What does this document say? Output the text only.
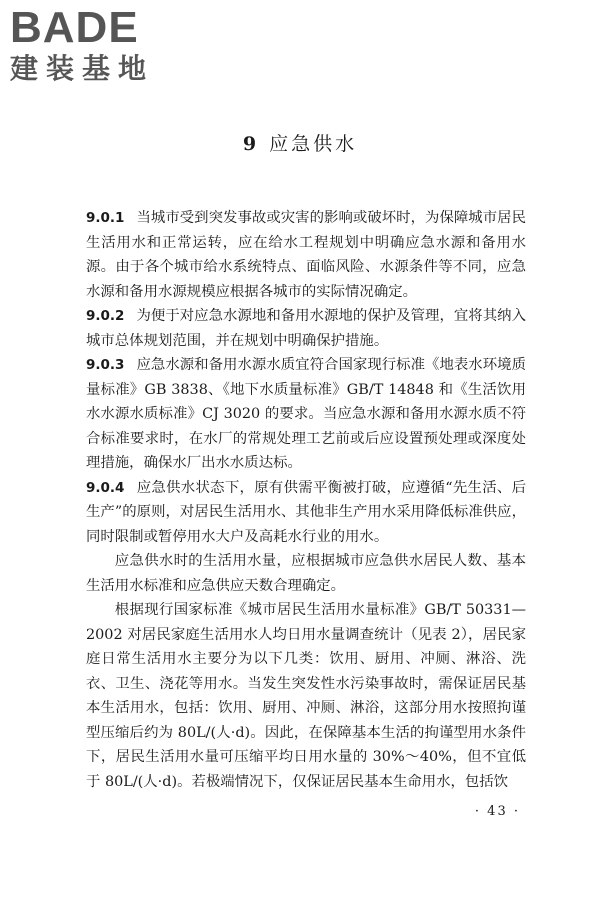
BADE
建装基地
9 应急供水

9.0.1 当城市受到突发事故或灾害的影响或破坏时，为保障城市居民生活用水和正常运转，应在给水工程规划中明确应急水源和备用水源。由于各个城市给水系统特点、面临风险、水源条件等不同，应急水源和备用水源规模应根据各城市的实际情况确定。

9.0.2 为便于对应急水源地和备用水源地的保护及管理，宜将其纳入城市总体规划范围，并在规划中明确保护措施。

9.0.3 应急水源和备用水源水质宜符合国家现行标准《地表水环境质量标准》GB 3838、《地下水质量标准》GB/T 14848 和《生活饮用水水源水质标准》CJ 3020 的要求。当应急水源和备用水源水质不符合标准要求时，在水厂的常规处理工艺前或后应设置预处理或深度处理措施，确保水厂出水水质达标。

9.0.4 应急供水状态下，原有供需平衡被打破，应遵循“先生活、后生产”的原则，对居民生活用水、其他非生产用水采用降低标准供应，同时限制或暂停用水大户及高耗水行业的用水。

应急供水时的生活用水量，应根据城市应急供水居民人数、基本生活用水标准和应急供应天数合理确定。

根据现行国家标准《城市居民生活用水量标准》GB/T 50331—2002 对居民家庭生活用水人均日用水量调查统计（见表 2），居民家庭日常生活用水主要分为以下几类：饮用、厨用、冲厕、淋浴、洗衣、卫生、浇花等用水。当发生突发性水污染事故时，需保证居民基本生活用水，包括：饮用、厨用、冲厕、淋浴，这部分用水按照拘谨型压缩后约为 80L/(人·d)。因此，在保障基本生活的拘谨型用水条件下，居民生活用水量可压缩平均日用水量的 30%～40%，但不宜低于 80L/(人·d)。若极端情况下，仅保证居民基本生命用水，包括饮

· 43 ·
